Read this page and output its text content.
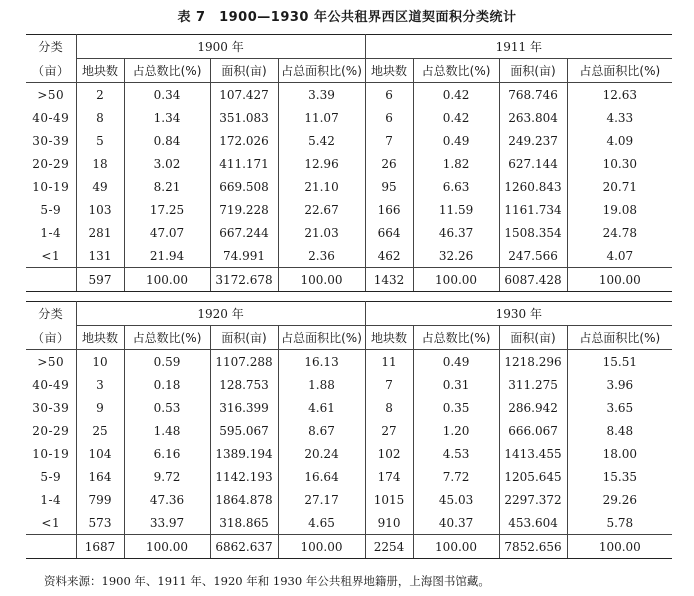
表 7　1900—1930 年公共租界西区道契面积分类统计
分类	1900 年				1911 年			
（亩）	地块数	占总数比(%)	面积(亩)	占总面积比(%)	地块数	占总数比(%)	面积(亩)	占总面积比(%)
>50	2	0.34	107.427	3.39	6	0.42	768.746	12.63
40-49	8	1.34	351.083	11.07	6	0.42	263.804	4.33
30-39	5	0.84	172.026	5.42	7	0.49	249.237	4.09
20-29	18	3.02	411.171	12.96	26	1.82	627.144	10.30
10-19	49	8.21	669.508	21.10	95	6.63	1260.843	20.71
5-9	103	17.25	719.228	22.67	166	11.59	1161.734	19.08
1-4	281	47.07	667.244	21.03	664	46.37	1508.354	24.78
<1	131	21.94	74.991	2.36	462	32.26	247.566	4.07
	597	100.00	3172.678	100.00	1432	100.00	6087.428	100.00
分类	1920 年				1930 年			
（亩）	地块数	占总数比(%)	面积(亩)	占总面积比(%)	地块数	占总数比(%)	面积(亩)	占总面积比(%)
>50	10	0.59	1107.288	16.13	11	0.49	1218.296	15.51
40-49	3	0.18	128.753	1.88	7	0.31	311.275	3.96
30-39	9	0.53	316.399	4.61	8	0.35	286.942	3.65
20-29	25	1.48	595.067	8.67	27	1.20	666.067	8.48
10-19	104	6.16	1389.194	20.24	102	4.53	1413.455	18.00
5-9	164	9.72	1142.193	16.64	174	7.72	1205.645	15.35
1-4	799	47.36	1864.878	27.17	1015	45.03	2297.372	29.26
<1	573	33.97	318.865	4.65	910	40.37	453.604	5.78
	1687	100.00	6862.637	100.00	2254	100.00	7852.656	100.00
资料来源：1900 年、1911 年、1920 年和 1930 年公共租界地籍册，上海图书馆藏。
